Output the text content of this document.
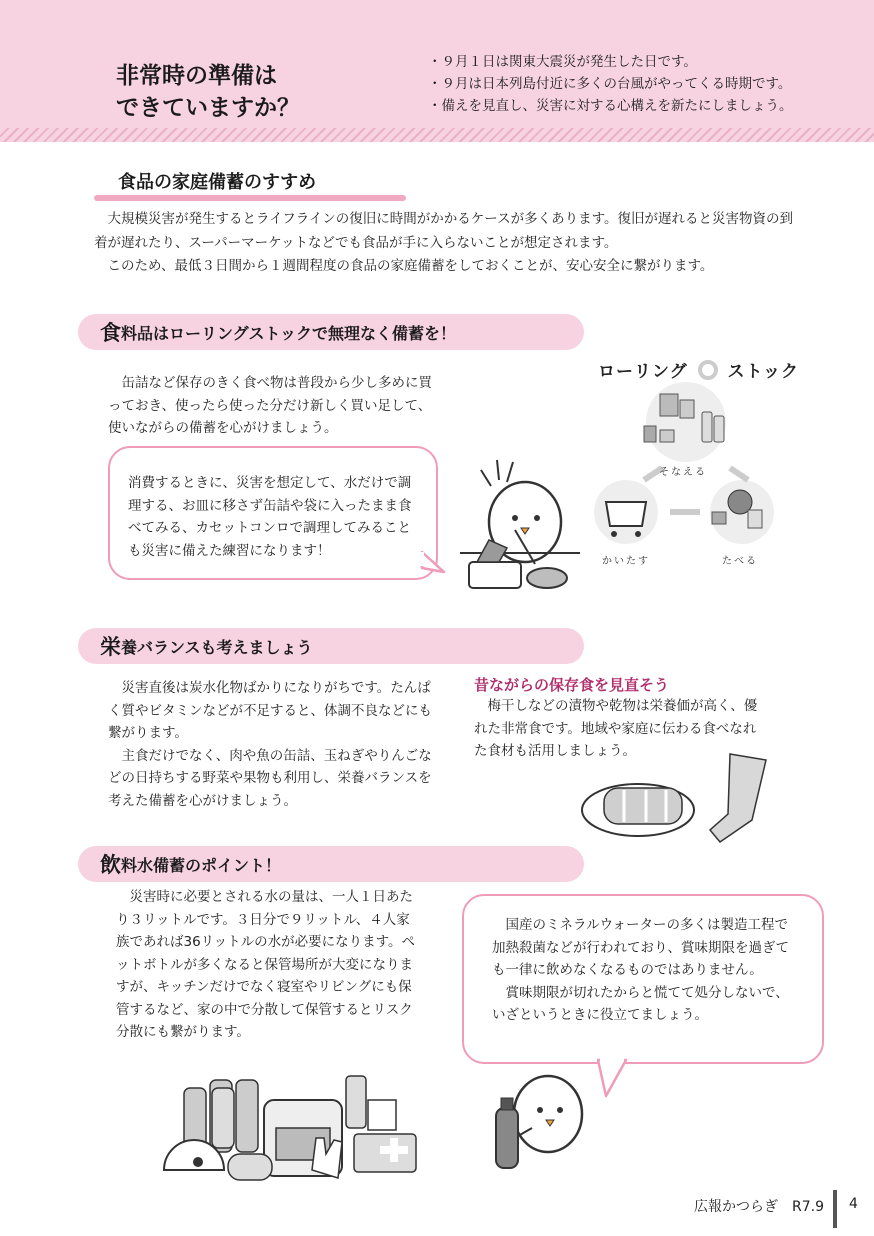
非常時の準備は
できていますか？
・９月１日は関東大震災が発生した日です。
・９月は日本列島付近に多くの台風がやってくる時期です。
・備えを見直し、災害に対する心構えを新たにしましょう。
食品の家庭備蓄のすすめ

大規模災害が発生するとライフラインの復旧に時間がかかるケースが多くあります。復旧が遅れると災害物資の到着が遅れたり、スーパーマーケットなどでも食品が手に入らないことが想定されます。

このため、最低３日間から１週間程度の食品の家庭備蓄をしておくことが、安心安全に繋がります。

食 料品はローリングストックで無理なく備蓄を！

缶詰など保存のきく食べ物は普段から少し多めに買っておき、使ったら使った分だけ新しく買い足して、使いながらの備蓄を心がけましょう。

消費するときに、災害を想定して、水だけで調理する、お皿に移さず缶詰や袋に入ったまま食べてみる、カセットコンロで調理してみることも災害に備えた練習になります！
ローリング ストック
そなえる
たべる
かいたす
栄 養バランスも考えましょう

災害直後は炭水化物ばかりになりがちです。たんぱく質やビタミンなどが不足すると、体調不良などにも繋がります。

主食だけでなく、肉や魚の缶詰、玉ねぎやりんごなどの日持ちする野菜や果物も利用し、栄養バランスを考えた備蓄を心がけましょう。

昔ながらの保存食を見直そう

梅干しなどの漬物や乾物は栄養価が高く、優れた非常食です。地域や家庭に伝わる食べなれた食材も活用しましょう。

飲 料水備蓄のポイント！

災害時に必要とされる水の量は、一人１日あたり３リットルです。３日分で９リットル、４人家族であれば36リットルの水が必要になります。ペットボトルが多くなると保管場所が大変になりますが、キッチンだけでなく寝室やリビングにも保管するなど、家の中で分散して保管するとリスク分散にも繋がります。

国産のミネラルウォーターの多くは製造工程で加熱殺菌などが行われており、賞味期限を過ぎても一律に飲めなくなるものではありません。

賞味期限が切れたからと慌てて処分しないで、いざというときに役立てましょう。

広報かつらぎ　R7.9 4
